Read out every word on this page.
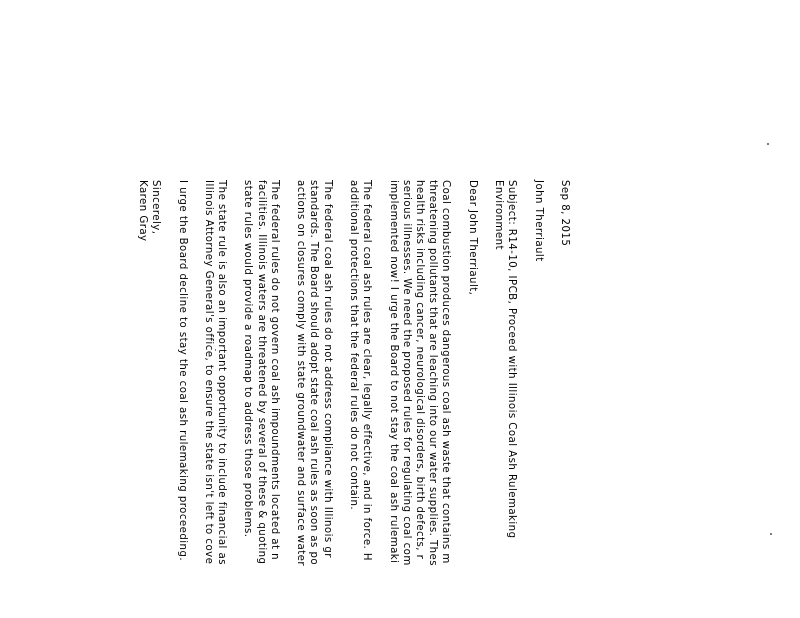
Sep 8, 2015
John Therriault
Subject: R14-10, IPCB, Proceed with Illinois Coal Ash Rulemaking
Environment
Dear John Therriault,
Coal combustion produces dangerous coal ash waste that contains m
threatening pollutants that are leaching into our water supplies. Thes
health risks including cancer, neurological disorders, birth defects, r
serious illnesses. We need the proposed rules for regulating coal com
implemented now! I urge the Board to not stay the coal ash rulemaki
The federal coal ash rules are clear, legally effective, and in force. H
additional protections that the federal rules do not contain.
The federal coal ash rules do not address compliance with Illinois gr
standards. The Board should adopt state coal ash rules as soon as po
actions on closures comply with state groundwater and surface water
The federal rules do not govern coal ash impoundments located at n
facilities. Illinois waters are threatened by several of these & quoting
state rules would provide a roadmap to address those problems.
The state rule is also an important opportunity to include financial as
Illinois Attorney General's office, to ensure the state isn't left to cove
I urge the Board decline to stay the coal ash rulemaking proceeding.
Sincerely,
Karen Gray
